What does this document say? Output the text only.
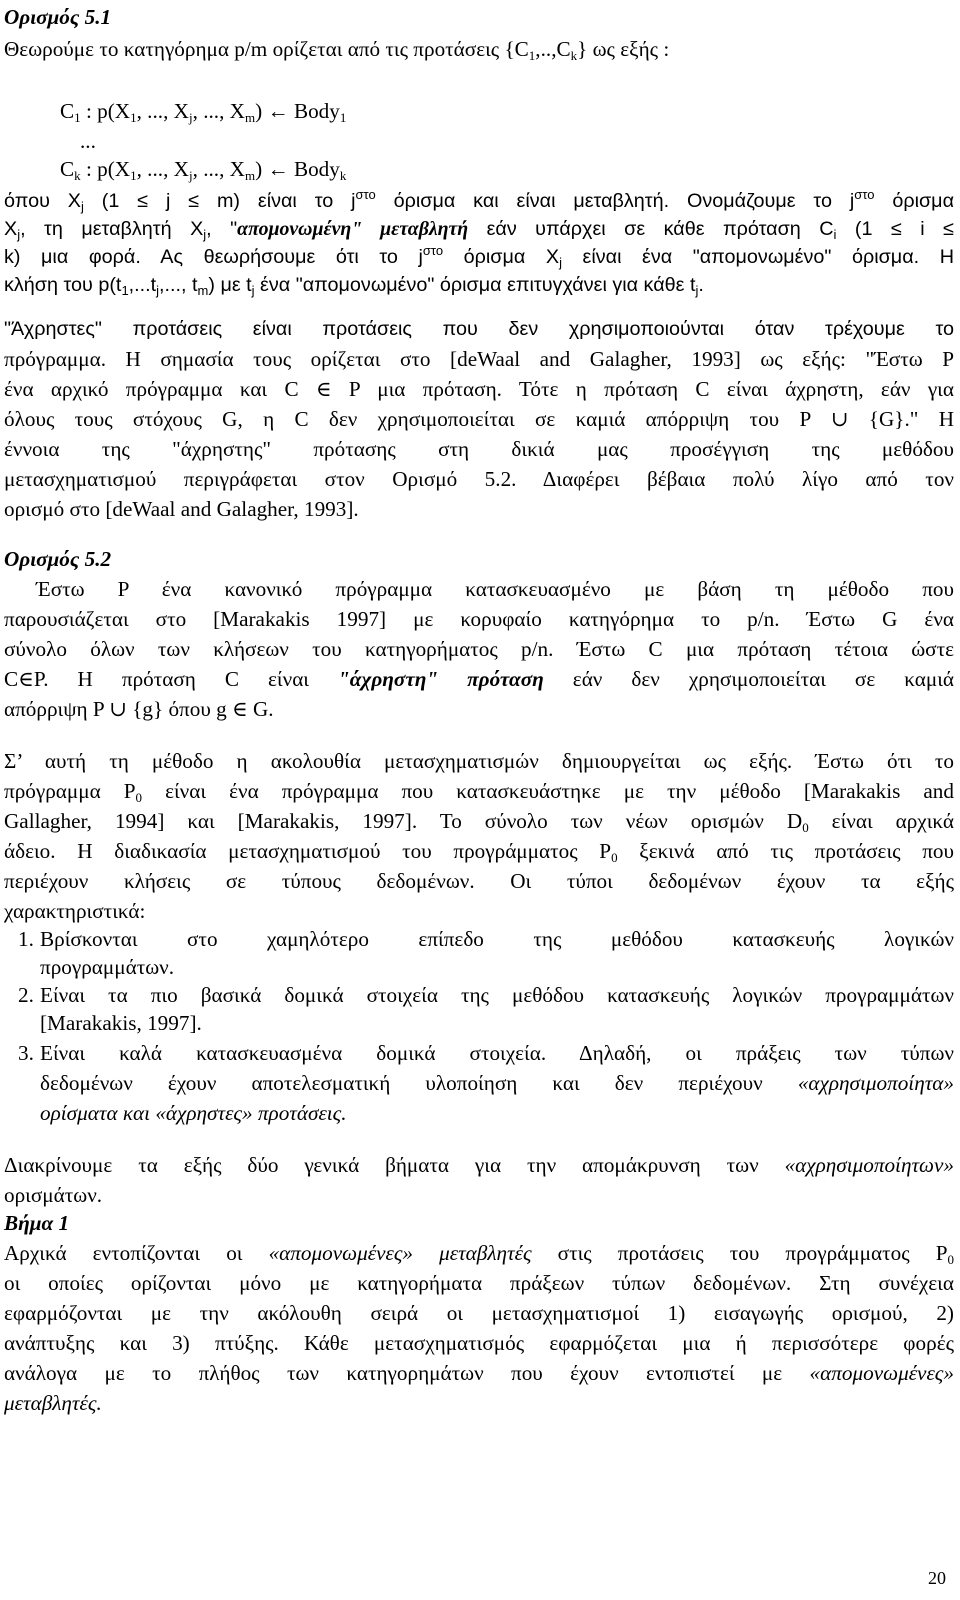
Ορισμός 5.1
Θεωρούμε το κατηγόρημα p/m ορίζεται από τις προτάσεις $\{C_1,..,C_k\}$ ως εξής :
$C_1$ : $p(X_1$, ..., $X_j$, ..., $X_m$) ← Body$_1$
...
$C_k$ : $p(X_1$, ..., $X_j$, ..., $X_m$) ← Body$_k$
όπου $X_j$ (1 ≤ j ≤ m) είναι το $j^{\sigma\tau o}$ όρισμα και είναι μεταβλητή. Ονομάζουμε το $j^{\sigma\tau o}$ όρισμα
$X_j$, τη μεταβλητή $X_j$, "απομονωμένη" μεταβλητή εάν υπάρχει σε κάθε πρόταση $C_i$ (1 ≤ i ≤
k) μια φορά. Ας θεωρήσουμε ότι το $j^{\sigma\tau o}$ όρισμα $X_j$ είναι ένα "απομονωμένο" όρισμα. Η
κλήση του $p(t_1,...t_j$,..., $t_m$) με $t_j$ ένα "απομονωμένο" όρισμα επιτυγχάνει για κάθε $t_j$.
"Άχρηστες" προτάσεις είναι προτάσεις που δεν χρησιμοποιούνται όταν τρέχουμε το
πρόγραμμα. Η σημασία τους ορίζεται στο [deWaal and Galagher, 1993] ως εξής: "Έστω P
ένα αρχικό πρόγραμμα και C ∈ P μια πρόταση. Τότε η πρόταση C είναι άχρηστη, εάν για
όλους τους στόχους G, η C δεν χρησιμοποιείται σε καμιά απόρριψη του P ∪ {G}." Η
έννοια της "άχρηστης" πρότασης στη δικιά μας προσέγγιση της μεθόδου
μετασχηματισμού περιγράφεται στον Ορισμό 5.2. Διαφέρει βέβαια πολύ λίγο από τον
ορισμό στο [deWaal and Galagher, 1993].
Ορισμός 5.2
Έστω P ένα κανονικό πρόγραμμα κατασκευασμένο με βάση τη μέθοδο που
παρουσιάζεται στο [Marakakis 1997] με κορυφαίο κατηγόρημα το p/n. Έστω G ένα
σύνολο όλων των κλήσεων του κατηγορήματος p/n. Έστω C μια πρόταση τέτοια ώστε
C∈P. Η πρόταση C είναι "άχρηστη" πρόταση εάν δεν χρησιμοποιείται σε καμιά
απόρριψη P ∪ {g} όπου g ∈ G.
Σ’ αυτή τη μέθοδο η ακολουθία μετασχηματισμών δημιουργείται ως εξής. Έστω ότι το
πρόγραμμα $P_0$ είναι ένα πρόγραμμα που κατασκευάστηκε με την μέθοδο [Marakakis and
Gallagher, 1994] και [Marakakis, 1997]. Το σύνολο των νέων ορισμών $D_0$ είναι αρχικά
άδειο. Η διαδικασία μετασχηματισμού του προγράμματος $P_0$ ξεκινά από τις προτάσεις που
περιέχουν κλήσεις σε τύπους δεδομένων. Οι τύποι δεδομένων έχουν τα εξής
χαρακτηριστικά:
1. Βρίσκονται στο χαμηλότερο επίπεδο της μεθόδου κατασκευής λογικών
προγραμμάτων.
2. Είναι τα πιο βασικά δομικά στοιχεία της μεθόδου κατασκευής λογικών προγραμμάτων
[Marakakis, 1997].
3. Είναι καλά κατασκευασμένα δομικά στοιχεία. Δηλαδή, οι πράξεις των τύπων
δεδομένων έχουν αποτελεσματική υλοποίηση και δεν περιέχουν «αχρησιμοποίητα»
ορίσματα και «άχρηστες» προτάσεις.
Διακρίνουμε τα εξής δύο γενικά βήματα για την απομάκρυνση των «αχρησιμοποίητων»
ορισμάτων.
Βήμα 1
Αρχικά εντοπίζονται οι «απομονωμένες» μεταβλητές στις προτάσεις του προγράμματος $P_0$
οι οποίες ορίζονται μόνο με κατηγορήματα πράξεων τύπων δεδομένων. Στη συνέχεια
εφαρμόζονται με την ακόλουθη σειρά οι μετασχηματισμοί 1) εισαγωγής ορισμού, 2)
ανάπτυξης και 3) πτύξης. Κάθε μετασχηματισμός εφαρμόζεται μια ή περισσότερε φορές
ανάλογα με το πλήθος των κατηγορημάτων που έχουν εντοπιστεί με «απομονωμένες»
μεταβλητές.
20
